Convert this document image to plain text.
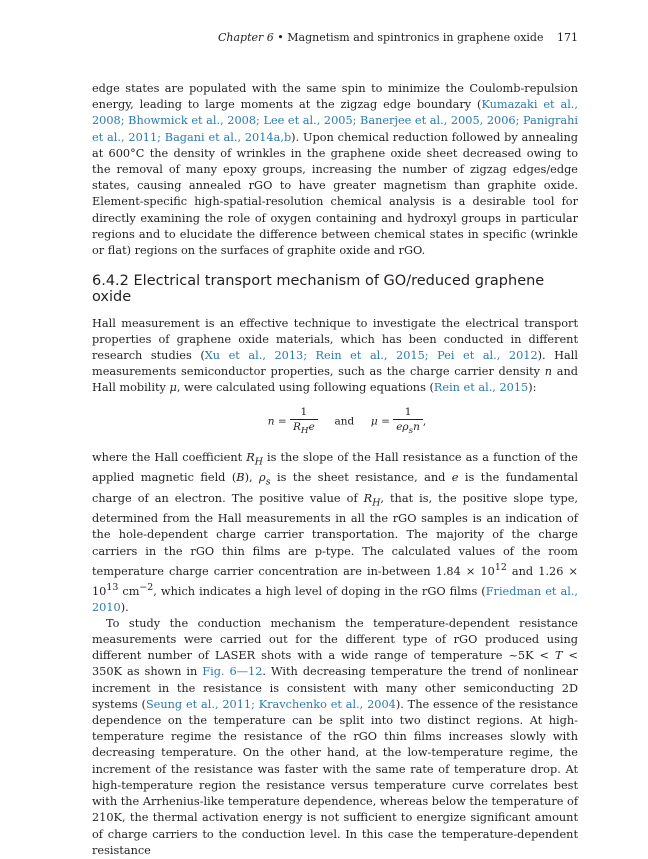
Chapter 6 • Magnetism and spintronics in graphene oxide 171

edge states are populated with the same spin to minimize the Coulomb-repulsion energy, leading to large moments at the zigzag edge boundary (Kumazaki et al., 2008; Bhowmick et al., 2008; Lee et al., 2005; Banerjee et al., 2005, 2006; Panigrahi et al., 2011; Bagani et al., 2014a,b). Upon chemical reduction followed by annealing at 600°C the density of wrinkles in the graphene oxide sheet decreased owing to the removal of many epoxy groups, increasing the number of zigzag edges/edge states, causing annealed rGO to have greater magnetism than graphite oxide. Element-specific high-spatial-resolution chemical analysis is a desirable tool for directly examining the role of oxygen containing and hydroxyl groups in particular regions and to elucidate the difference between chemical states in specific (wrinkle or flat) regions on the surfaces of graphite oxide and rGO.

6.4.2 Electrical transport mechanism of GO/reduced graphene oxide

Hall measurement is an effective technique to investigate the electrical transport properties of graphene oxide materials, which has been conducted in different research studies (Xu et al., 2013; Rein et al., 2015; Pei et al., 2012). Hall measurements semiconductor properties, such as the charge carrier density n and Hall mobility μ, were calculated using following equations (Rein et al., 2015):

$n = \frac{1}{R_He}$ and $\mu = \frac{1}{e\rho_sn}$ ,

where the Hall coefficient $R_H$ is the slope of the Hall resistance as a function of the applied magnetic field (B), $\rho_s$ is the sheet resistance, and e is the fundamental charge of an electron. The positive value of $R_H$, that is, the positive slope type, determined from the Hall measurements in all the rGO samples is an indication of the hole-dependent charge carrier transportation. The majority of the charge carriers in the rGO thin films are p-type. The calculated values of the room temperature charge carrier concentration are in-between $1.84 \times 10^{12}$ and $1.26 \times 10^{13}$ $cm^{-2}$, which indicates a high level of doping in the rGO films (Friedman et al., 2010).

To study the conduction mechanism the temperature-dependent resistance measurements were carried out for the different type of rGO produced using different number of LASER shots with a wide range of temperature ~5K < T < 350K as shown in Fig. 6—12. With decreasing temperature the trend of nonlinear increment in the resistance is consistent with many other semiconducting 2D systems (Seung et al., 2011; Kravchenko et al., 2004). The essence of the resistance dependence on the temperature can be split into two distinct regions. At high-temperature regime the resistance of the rGO thin films increases slowly with decreasing temperature. On the other hand, at the low-temperature regime, the increment of the resistance was faster with the same rate of temperature drop. At high-temperature region the resistance versus temperature curve correlates best with the Arrhenius-like temperature dependence, whereas below the temperature of 210K, the thermal activation energy is not sufficient to energize significant amount of charge carriers to the conduction level. In this case the temperature-dependent resistance
